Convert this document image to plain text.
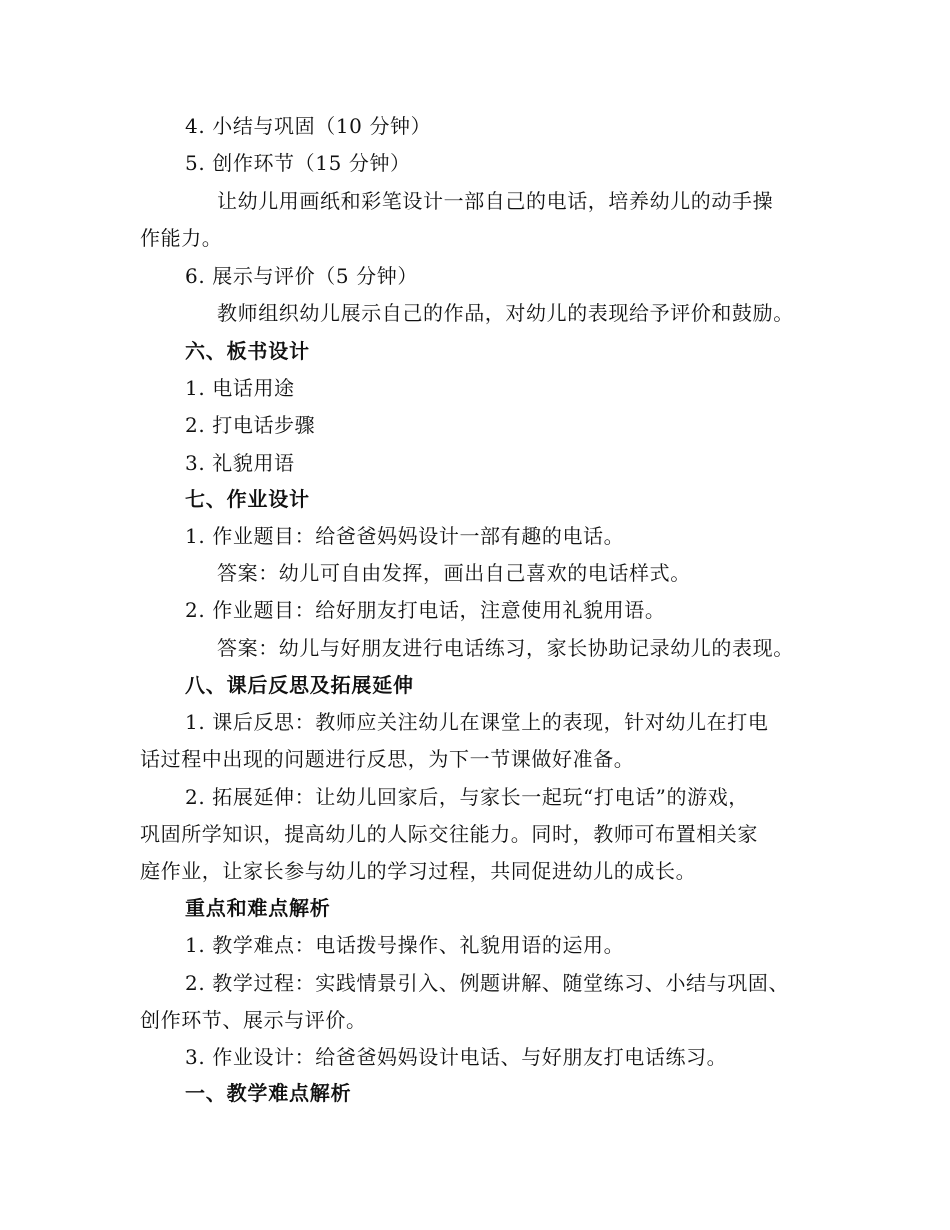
4. 小结与巩固（10 分钟）
5. 创作环节（15 分钟）
让幼儿用画纸和彩笔设计一部自己的电话，培养幼儿的动手操
作能力。
6. 展示与评价（5 分钟）
教师组织幼儿展示自己的作品，对幼儿的表现给予评价和鼓励。
六、板书设计
1. 电话用途
2. 打电话步骤
3. 礼貌用语
七、作业设计
1. 作业题目：给爸爸妈妈设计一部有趣的电话。
答案：幼儿可自由发挥，画出自己喜欢的电话样式。
2. 作业题目：给好朋友打电话，注意使用礼貌用语。
答案：幼儿与好朋友进行电话练习，家长协助记录幼儿的表现。
八、课后反思及拓展延伸
1. 课后反思：教师应关注幼儿在课堂上的表现，针对幼儿在打电
话过程中出现的问题进行反思，为下一节课做好准备。
2. 拓展延伸：让幼儿回家后，与家长一起玩“打电话”的游戏，
巩固所学知识，提高幼儿的人际交往能力。同时，教师可布置相关家
庭作业，让家长参与幼儿的学习过程，共同促进幼儿的成长。
重点和难点解析
1. 教学难点：电话拨号操作、礼貌用语的运用。
2. 教学过程：实践情景引入、例题讲解、随堂练习、小结与巩固、
创作环节、展示与评价。
3. 作业设计：给爸爸妈妈设计电话、与好朋友打电话练习。
一、教学难点解析
